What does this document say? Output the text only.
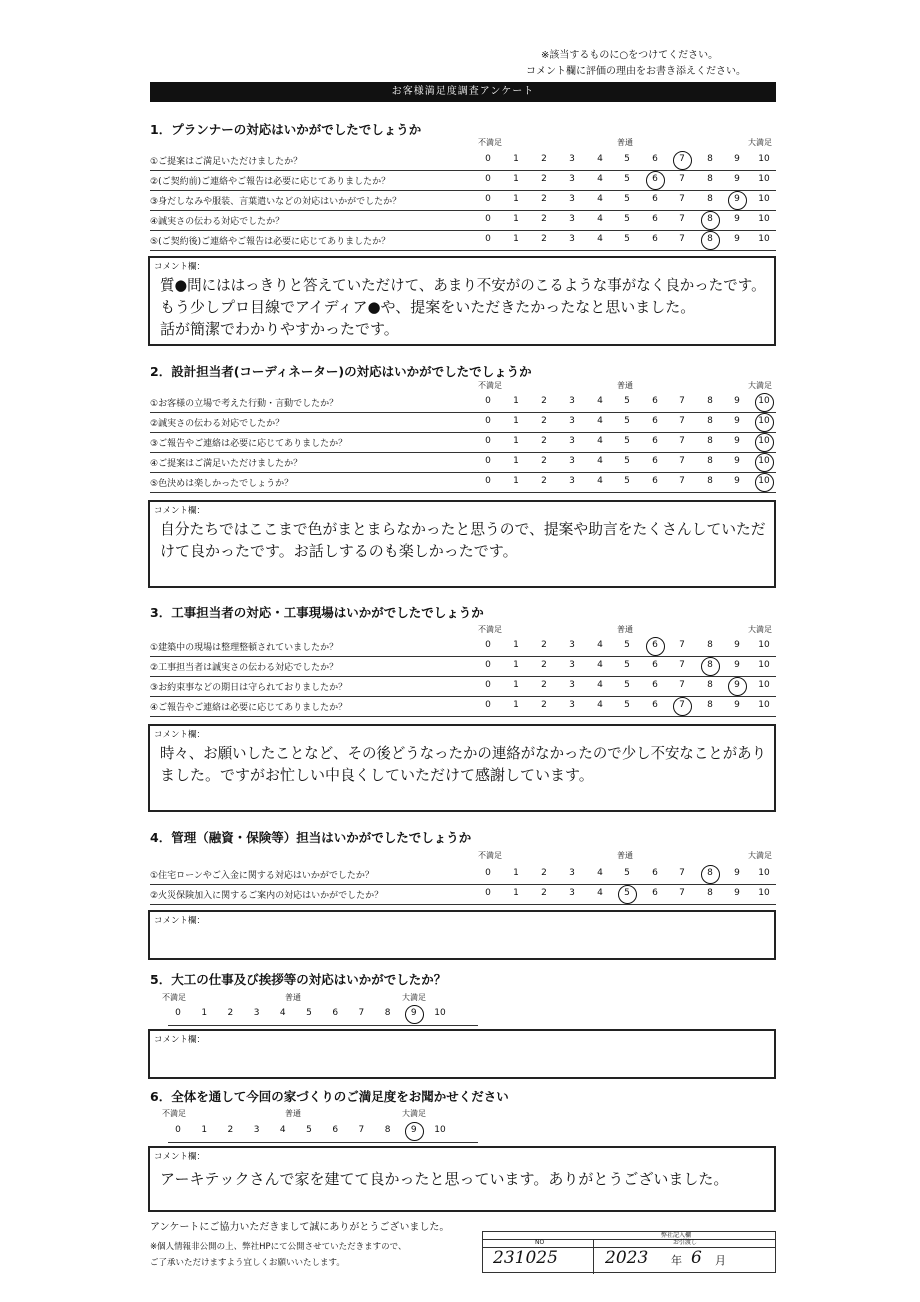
※該当するものに○をつけてください。
コメント欄に評価の理由をお書き添えください。
お客様満足度調査アンケート
1．プランナーの対応はいかがでしたでしょうか
不満足	普通	大満足
①ご提案はご満足いただけましたか？	0	1	2	3	4	5	6	7	8	9	10
②(ご契約前)ご連絡やご報告は必要に応じてありましたか？	0	1	2	3	4	5	6	7	8	9	10
③身だしなみや服装、言葉遣いなどの対応はいかがでしたか？	0	1	2	3	4	5	6	7	8	9	10
④誠実さの伝わる対応でしたか？	0	1	2	3	4	5	6	7	8	9	10
⑤(ご契約後)ご連絡やご報告は必要に応じてありましたか？	0	1	2	3	4	5	6	7	8	9	10
コメント欄：
質●問にははっきりと答えていただけて、あまり不安がのこるような事がなく良かったです。
もう少しプロ目線でアイディア●や、提案をいただきたかったなと思いました。
話が簡潔でわかりやすかったです。
2．設計担当者(コーディネーター)の対応はいかがでしたでしょうか
不満足	普通	大満足
①お客様の立場で考えた行動・言動でしたか？	0	1	2	3	4	5	6	7	8	9	10
②誠実さの伝わる対応でしたか？	0	1	2	3	4	5	6	7	8	9	10
③ご報告やご連絡は必要に応じてありましたか？	0	1	2	3	4	5	6	7	8	9	10
④ご提案はご満足いただけましたか？	0	1	2	3	4	5	6	7	8	9	10
⑤色決めは楽しかったでしょうか？	0	1	2	3	4	5	6	7	8	9	10
コメント欄：
自分たちではここまで色がまとまらなかったと思うので、提案や助言をたくさんしていただ
けて良かったです。お話しするのも楽しかったです。
3．工事担当者の対応・工事現場はいかがでしたでしょうか
不満足	普通	大満足
①建築中の現場は整理整頓されていましたか？	0	1	2	3	4	5	6	7	8	9	10
②工事担当者は誠実さの伝わる対応でしたか？	0	1	2	3	4	5	6	7	8	9	10
③お約束事などの期日は守られておりましたか？	0	1	2	3	4	5	6	7	8	9	10
④ご報告やご連絡は必要に応じてありましたか？	0	1	2	3	4	5	6	7	8	9	10
コメント欄：
時々、お願いしたことなど、その後どうなったかの連絡がなかったので少し不安なことがあり
ました。ですがお忙しい中良くしていただけて感謝しています。
4．管理（融資・保険等）担当はいかがでしたでしょうか
不満足	普通	大満足
①住宅ローンやご入金に関する対応はいかがでしたか？	0	1	2	3	4	5	6	7	8	9	10
②火災保険加入に関するご案内の対応はいかがでしたか？	0	1	2	3	4	5	6	7	8	9	10
コメント欄：
5．大工の仕事及び挨拶等の対応はいかがでしたか？
不満足	普通	大満足
0	1	2	3	4	5	6	7	8	9	10
コメント欄：
6．全体を通して今回の家づくりのご満足度をお聞かせください
不満足	普通	大満足
0	1	2	3	4	5	6	7	8	9	10
コメント欄：
アーキテックさんで家を建てて良かったと思っています。ありがとうございました。
アンケートにご協力いただきまして誠にありがとうございました。
※個人情報非公開の上、弊社HPにて公開させていただきますので、
ご了承いただけますよう宜しくお願いいたします。
弊社記入欄
NO	お引渡し
231025	2023 年 6 月
